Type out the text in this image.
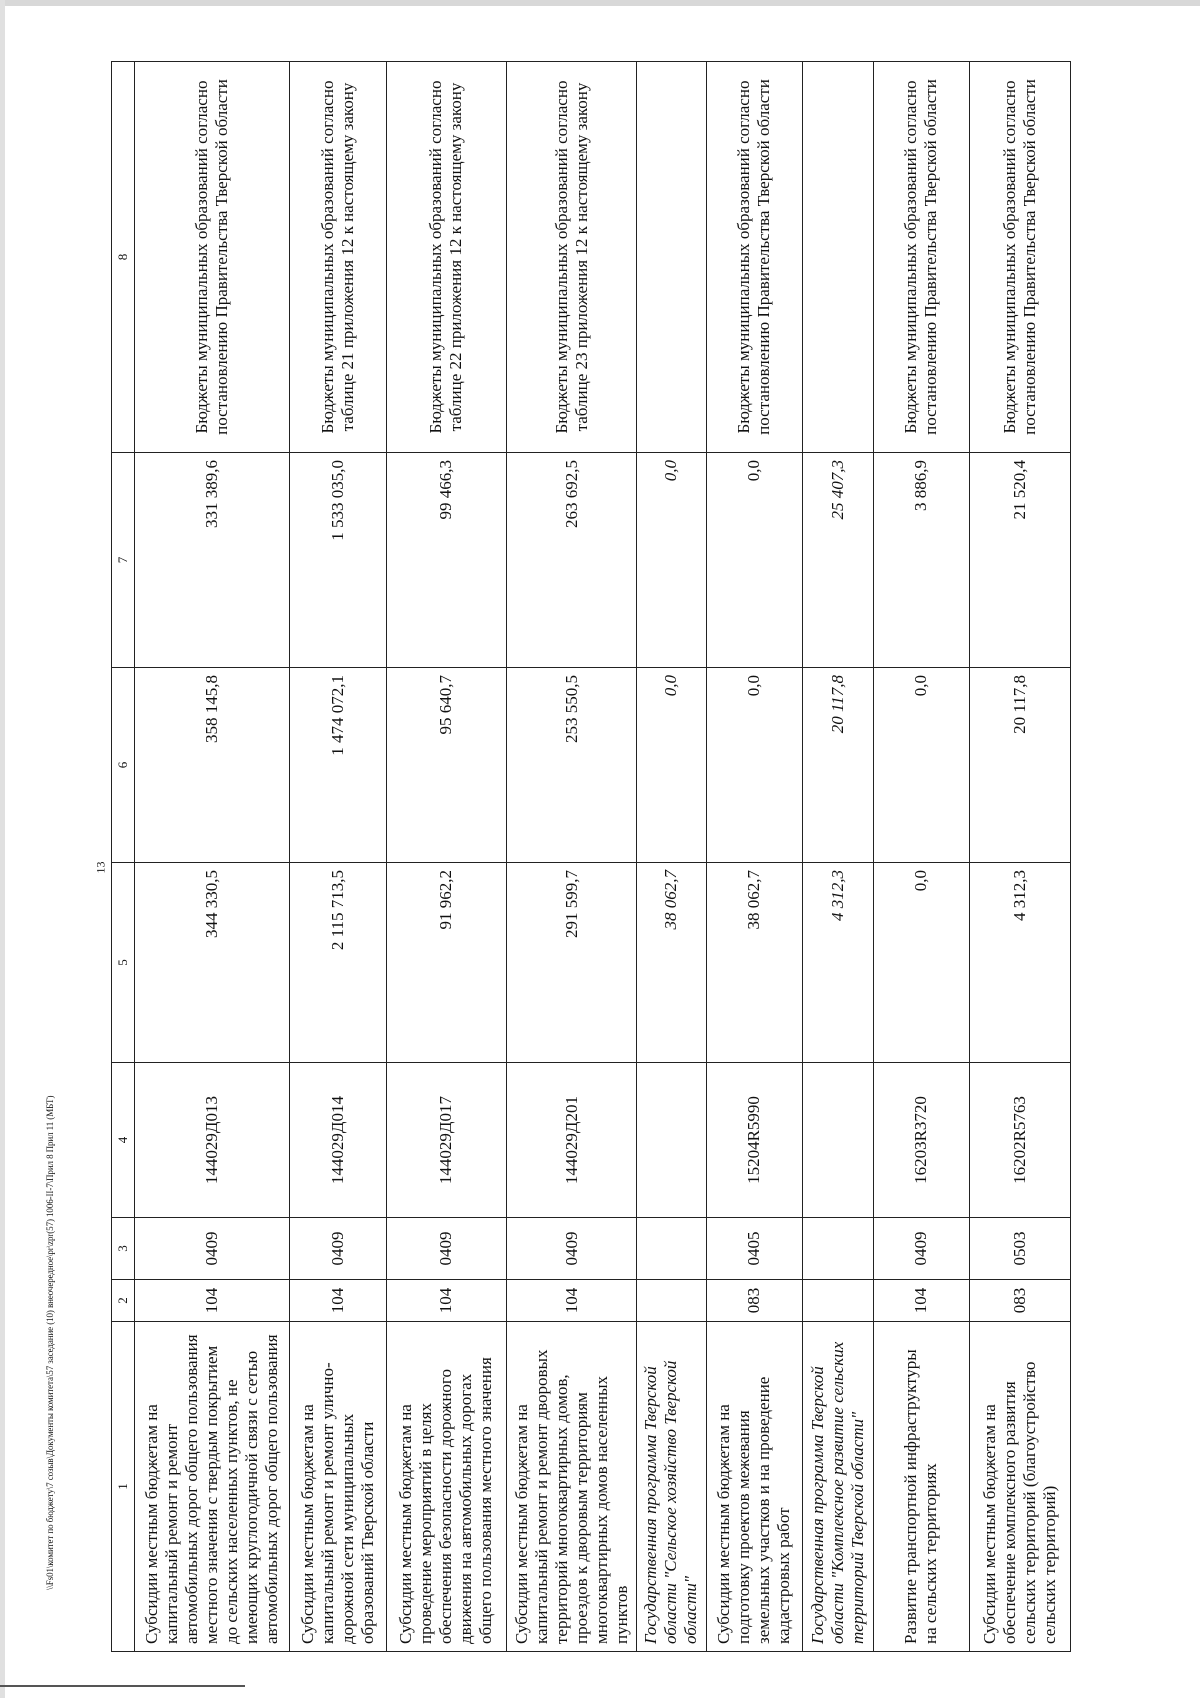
13
1	2	3	4	5	6	7	8
Субсидии местным бюджетам на капитальный ремонт и ремонт автомобильных дорог общего пользования местного значения с твердым покрытием до сельских населенных пунктов, не имеющих круглогодичной связи с сетью автомобильных дорог общего пользования	104	0409	144029Д013	344 330,5	358 145,8	331 389,6	Бюджеты муниципальных образований согласно постановлению Правительства Тверской области
Субсидии местным бюджетам на капитальный ремонт и ремонт улично-дорожной сети муниципальных образований Тверской области	104	0409	144029Д014	2 115 713,5	1 474 072,1	1 533 035,0	Бюджеты муниципальных образований согласно таблице 21 приложения 12 к настоящему закону
Субсидии местным бюджетам на проведение мероприятий в целях обеспечения безопасности дорожного движения на автомобильных дорогах общего пользования местного значения	104	0409	144029Д017	91 962,2	95 640,7	99 466,3	Бюджеты муниципальных образований согласно таблице 22 приложения 12 к настоящему закону
Субсидии местным бюджетам на капитальный ремонт и ремонт дворовых территорий многоквартирных домов, проездов к дворовым территориям многоквартирных домов населенных пунктов	104	0409	144029Д201	291 599,7	253 550,5	263 692,5	Бюджеты муниципальных образований согласно таблице 23 приложения 12 к настоящему закону
Государственная программа Тверской области "Сельское хозяйство Тверской области"				38 062,7	0,0	0,0	
Субсидии местным бюджетам на подготовку проектов межевания земельных участков и на проведение кадастровых работ	083	0405	15204R5990	38 062,7	0,0	0,0	Бюджеты муниципальных образований согласно постановлению Правительства Тверской области
Государственная программа Тверской области "Комплексное развитие сельских территорий Тверской области"				4 312,3	20 117,8	25 407,3	
Развитие транспортной инфраструктуры на сельских территориях	104	0409	16203R3720	0,0	0,0	3 886,9	Бюджеты муниципальных образований согласно постановлению Правительства Тверской области
Субсидии местным бюджетам на обеспечение комплексного развития сельских территорий (благоустройство сельских территорий)	083	0503	16202R5763	4 312,3	20 117,8	21 520,4	Бюджеты муниципальных образований согласно постановлению Правительства Тверской области
\\Fs01\комитет по бюджету\7 созыв\Документы комитета\57 заседание (10) внеочередное\pr\zpr(57) 1006-II-7\Прил 8 Прил 11 (МБТ)
